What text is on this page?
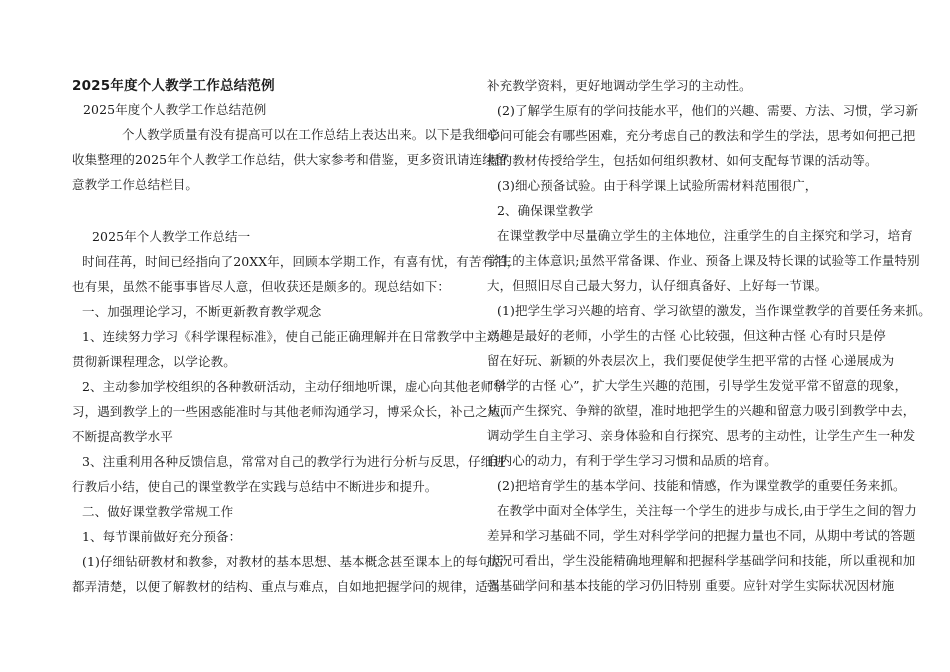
2025年度个人教学工作总结范例
2025年度个人教学工作总结范例
个人教学质量有没有提高可以在工作总结上表达出来。以下是我细心
收集整理的2025年个人教学工作总结，供大家参考和借鉴，更多资讯请连续留
意教学工作总结栏目。
2025年个人教学工作总结一
时间荏苒，时间已经指向了20XX年，回顾本学期工作，有喜有忧，有苦有泪，
也有果，虽然不能事事皆尽人意，但收获还是颇多的。现总结如下：
一、加强理论学习，不断更新教育教学观念
1、连续努力学习《科学课程标准》，使自己能正确理解并在日常教学中主动
贯彻新课程理念，以学论教。
2、主动参加学校组织的各种教研活动，主动仔细地听课，虚心向其他老师学
习，遇到教学上的一些困惑能准时与其他老师沟通学习，博采众长，补己之短，
不断提高教学水平
3、注重利用各种反馈信息，常常对自己的教学行为进行分析与反思，仔细进
行教后小结，使自己的课堂教学在实践与总结中不断进步和提升。
二、做好课堂教学常规工作
1、每节课前做好充分预备：
(1)仔细钻研教材和教参，对教材的基本思想、基本概念甚至课本上的每句话
都弄清楚，以便了解教材的结构、重点与难点，自如地把握学问的规律，适当
补充教学资料，更好地调动学生学习的主动性。
(2)了解学生原有的学问技能水平，他们的兴趣、需要、方法、习惯，学习新
学问可能会有哪些困难，充分考虑自己的教法和学生的学法，思考如何把己把
握的教材传授给学生，包括如何组织教材、如何支配每节课的活动等。
(3)细心预备试验。由于科学课上试验所需材料范围很广，
2、确保课堂教学
在课堂教学中尽量确立学生的主体地位，注重学生的自主探究和学习，培育
学生的主体意识;虽然平常备课、作业、预备上课及特长课的试验等工作量特别
大，但照旧尽自己最大努力，认仔细真备好、上好每一节课。
(1)把学生学习兴趣的培育、学习欲望的激发，当作课堂教学的首要任务来抓。
兴趣是最好的老师，小学生的古怪 心比较强，但这种古怪 心有时只是停
留在好玩、新颖的外表层次上，我们要促使学生把平常的古怪 心递展成为
“科学的古怪 心”，扩大学生兴趣的范围，引导学生发觉平常不留意的现象，
从而产生探究、争辩的欲望，准时地把学生的兴趣和留意力吸引到教学中去，
调动学生自主学习、亲身体验和自行探究、思考的主动性，让学生产生一种发
自内心的动力，有利于学生学习习惯和品质的培育。
(2)把培育学生的基本学问、技能和情感，作为课堂教学的重要任务来抓。
在教学中面对全体学生，关注每一个学生的进步与成长,由于学生之间的智力
差异和学习基础不同，学生对科学学问的把握力量也不同，从期中考试的答题
状况可看出，学生没能精确地理解和把握科学基础学问和技能，所以重视和加
强基础学问和基本技能的学习仍旧特别 重要。应针对学生实际状况因材施
